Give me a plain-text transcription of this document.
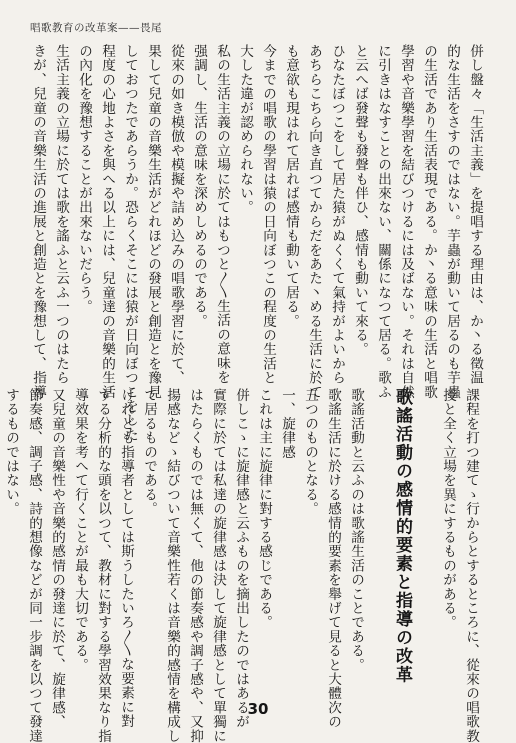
唱歌教育の改革案——畏尾
併し盤々「生活主義」を提唱する理由は、か丶る徵温
的な生活をさすのではない。芋蟲が動いて居るのも芋蟲
の生活であり生活表現である。か丶る意味の生活と唱歌
學習や音樂學習を結びつけるには及ばない。それは自然
に引きはなすことの出來ない、關係になつて居る。歌ふ
と云へば發聲も發聲も伴ひ、感情も動いて來る。
ひなたぼつこをして居た猿がぬくくて氣持がよいから
あちらこちら向き直つてからだをあた丶める生活に於て
も意欲も現はれて居れば感情も動いて居る。
今までの唱歌の學習は猿の日向ぼつこの程度の生活と
大した違が認められない。
私の生活主義の立場に於てはもつと〳〵生活の意味を
强調し、生活の意味を深めしめるのである。
從來の如き模倣や模擬や詰め込みの唱歌學習に於て、
果して兒童の音樂生活がどれほどの發展と創造とを豫見
しておつたであらうか。恐らくそこには猿が日向ぼつこをした
程度の心地よさを與へる以上には、兒童達の音樂的生活
の內化を豫想することが出來ないだらう。
生活主義の立場に於ては歌を謠ふと云ふ一つのはたら
きが、兒童の音樂生活の進展と創造とを豫想して、指導
課程を打つ建てゝ行からとするところに、從來の唱歌教
授と全く立場を異にするものがある。

歌謠活動の感情的要素と指導の改革

歌謠活動と云ふのは歌謠生活のことである。
歌謠生活に於ける感情的要素を舉げて見ると大體次の
五つのものとなる。
一、旋律感
これは主に旋律に對する感じである。
併しこゝに旋律感と云ふものを摘出したのではあるが
實際に於ては私達の旋律感は決して旋律感として單獨に
はたらくものでは無くて、他の節奏感や調子感や、又抑
揚感などゝ結びついて音樂性若くは音樂的感情を構成し
て居るものである。
けれども指導者としては斯うしたいろ〳〵な要素に對
する分析的な頭を以つて、教材に對する學習效果なり指
導效果を考へて行くことが最も大切である。
又兒童の音樂性や音樂的感情の發達に於て、旋律感、
節奏感、調子感、詩的想像などが同一步調を以つて發達
するものではない。
30
